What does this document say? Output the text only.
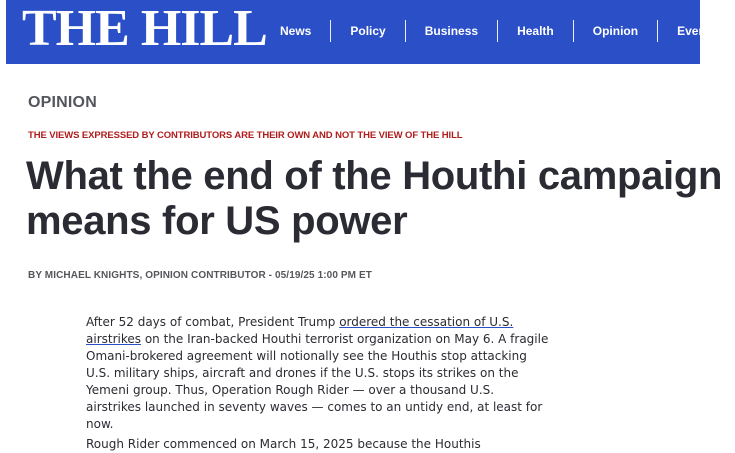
THE HILL	News	Policy	Business	Health	Opinion	Events
OPINION
THE VIEWS EXPRESSED BY CONTRIBUTORS ARE THEIR OWN AND NOT THE VIEW OF THE HILL
What the end of the Houthi campaign
means for US power
BY MICHAEL KNIGHTS, OPINION CONTRIBUTOR - 05/19/25 1:00 PM ET
After 52 days of combat, President Trump ordered the cessation of U.S.
airstrikes on the Iran-backed Houthi terrorist organization on May 6. A fragile
Omani-brokered agreement will notionally see the Houthis stop attacking
U.S. military ships, aircraft and drones if the U.S. stops its strikes on the
Yemeni group. Thus, Operation Rough Rider — over a thousand U.S.
airstrikes launched in seventy waves — comes to an untidy end, at least for
now.
Rough Rider commenced on March 15, 2025 because the Houthis
